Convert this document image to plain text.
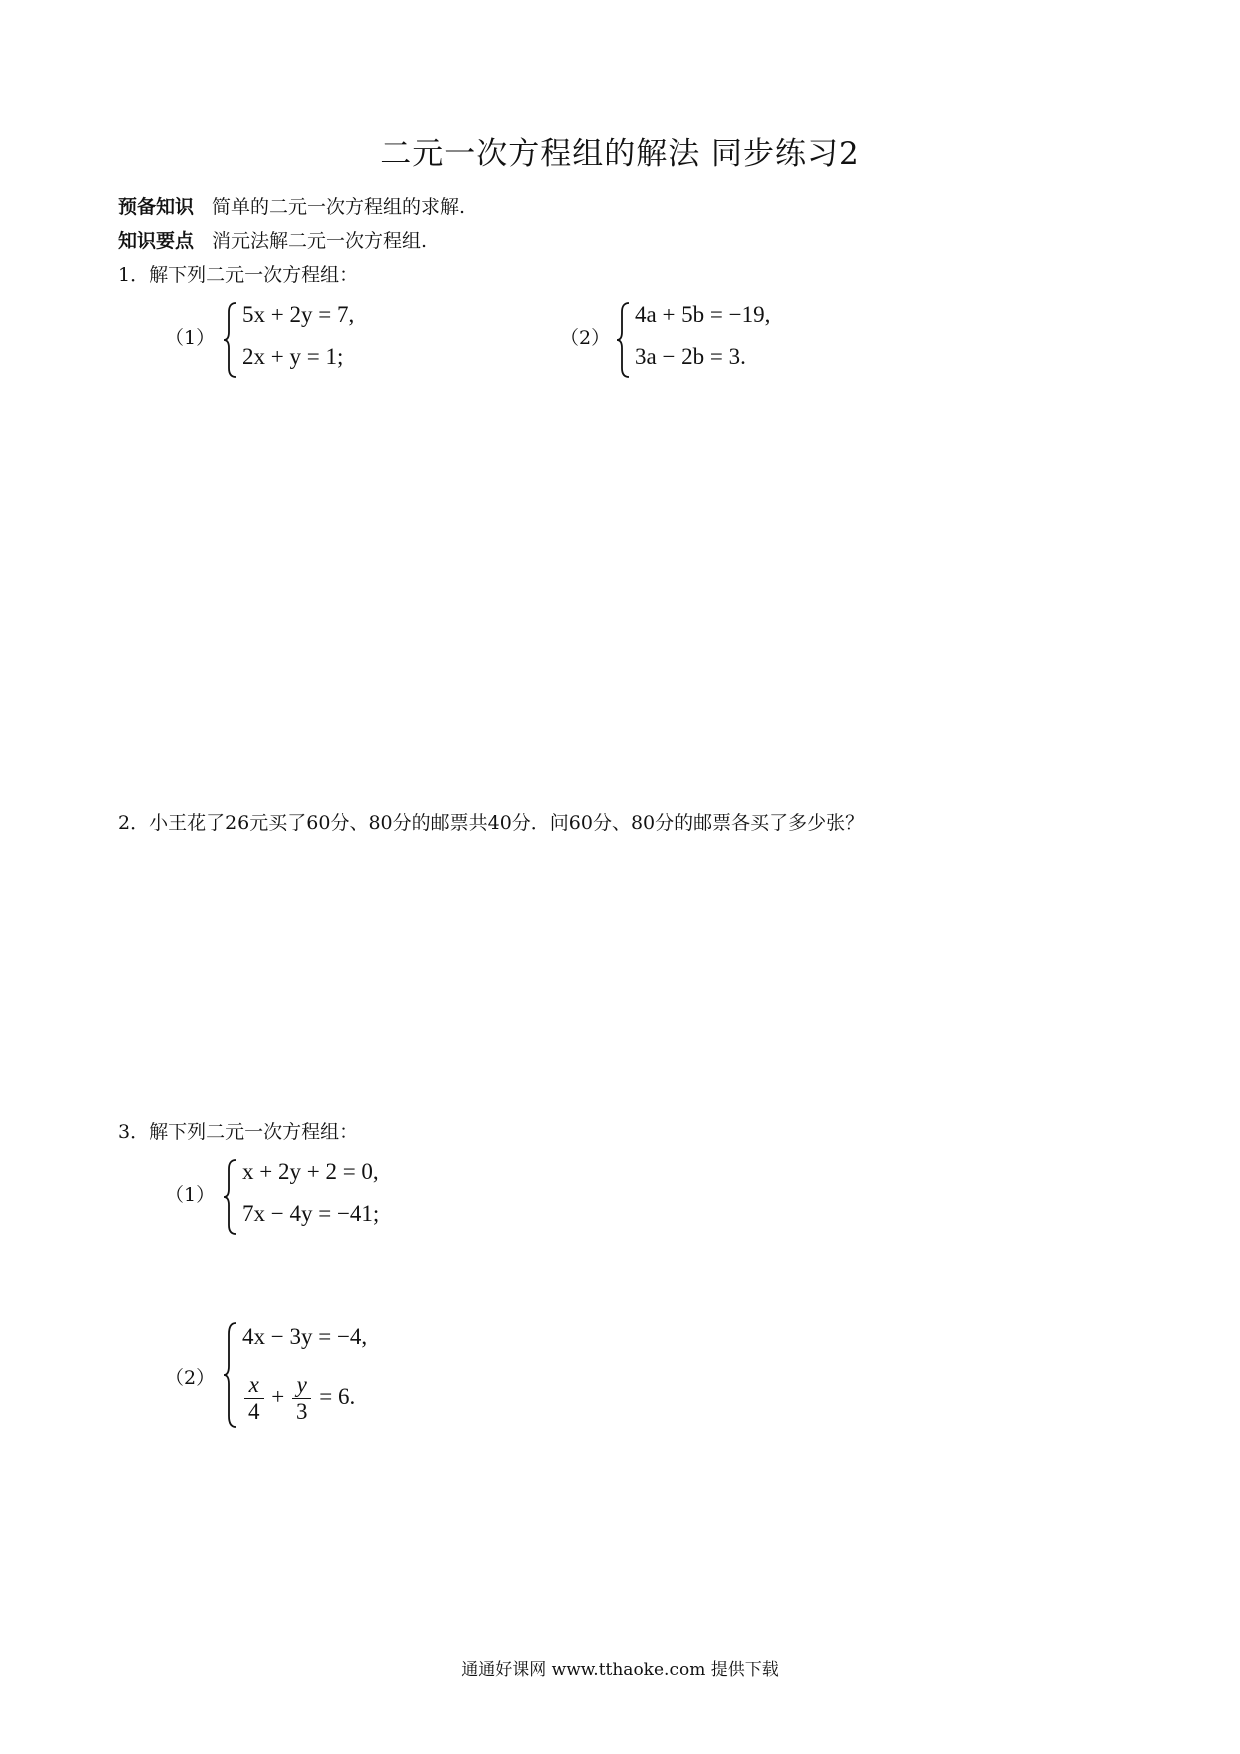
二元一次方程组的解法 同步练习2
预备知识 简单的二元一次方程组的求解.
知识要点 消元法解二元一次方程组.
1．解下列二元一次方程组：
（1）
5x + 2y = 7,
2x + y = 1;
（2）
4a + 5b = −19,
3a − 2b = 3.
2．小王花了26元买了60分、80分的邮票共40分．问60分、80分的邮票各买了多少张？
3．解下列二元一次方程组：
（1）
x + 2y + 2 = 0,
7x − 4y = −41;
（2）
4x − 3y = −4,
$\frac{x}{4} + \frac{y}{3} = 6$.
通通好课网 www.tthaoke.com 提供下载
